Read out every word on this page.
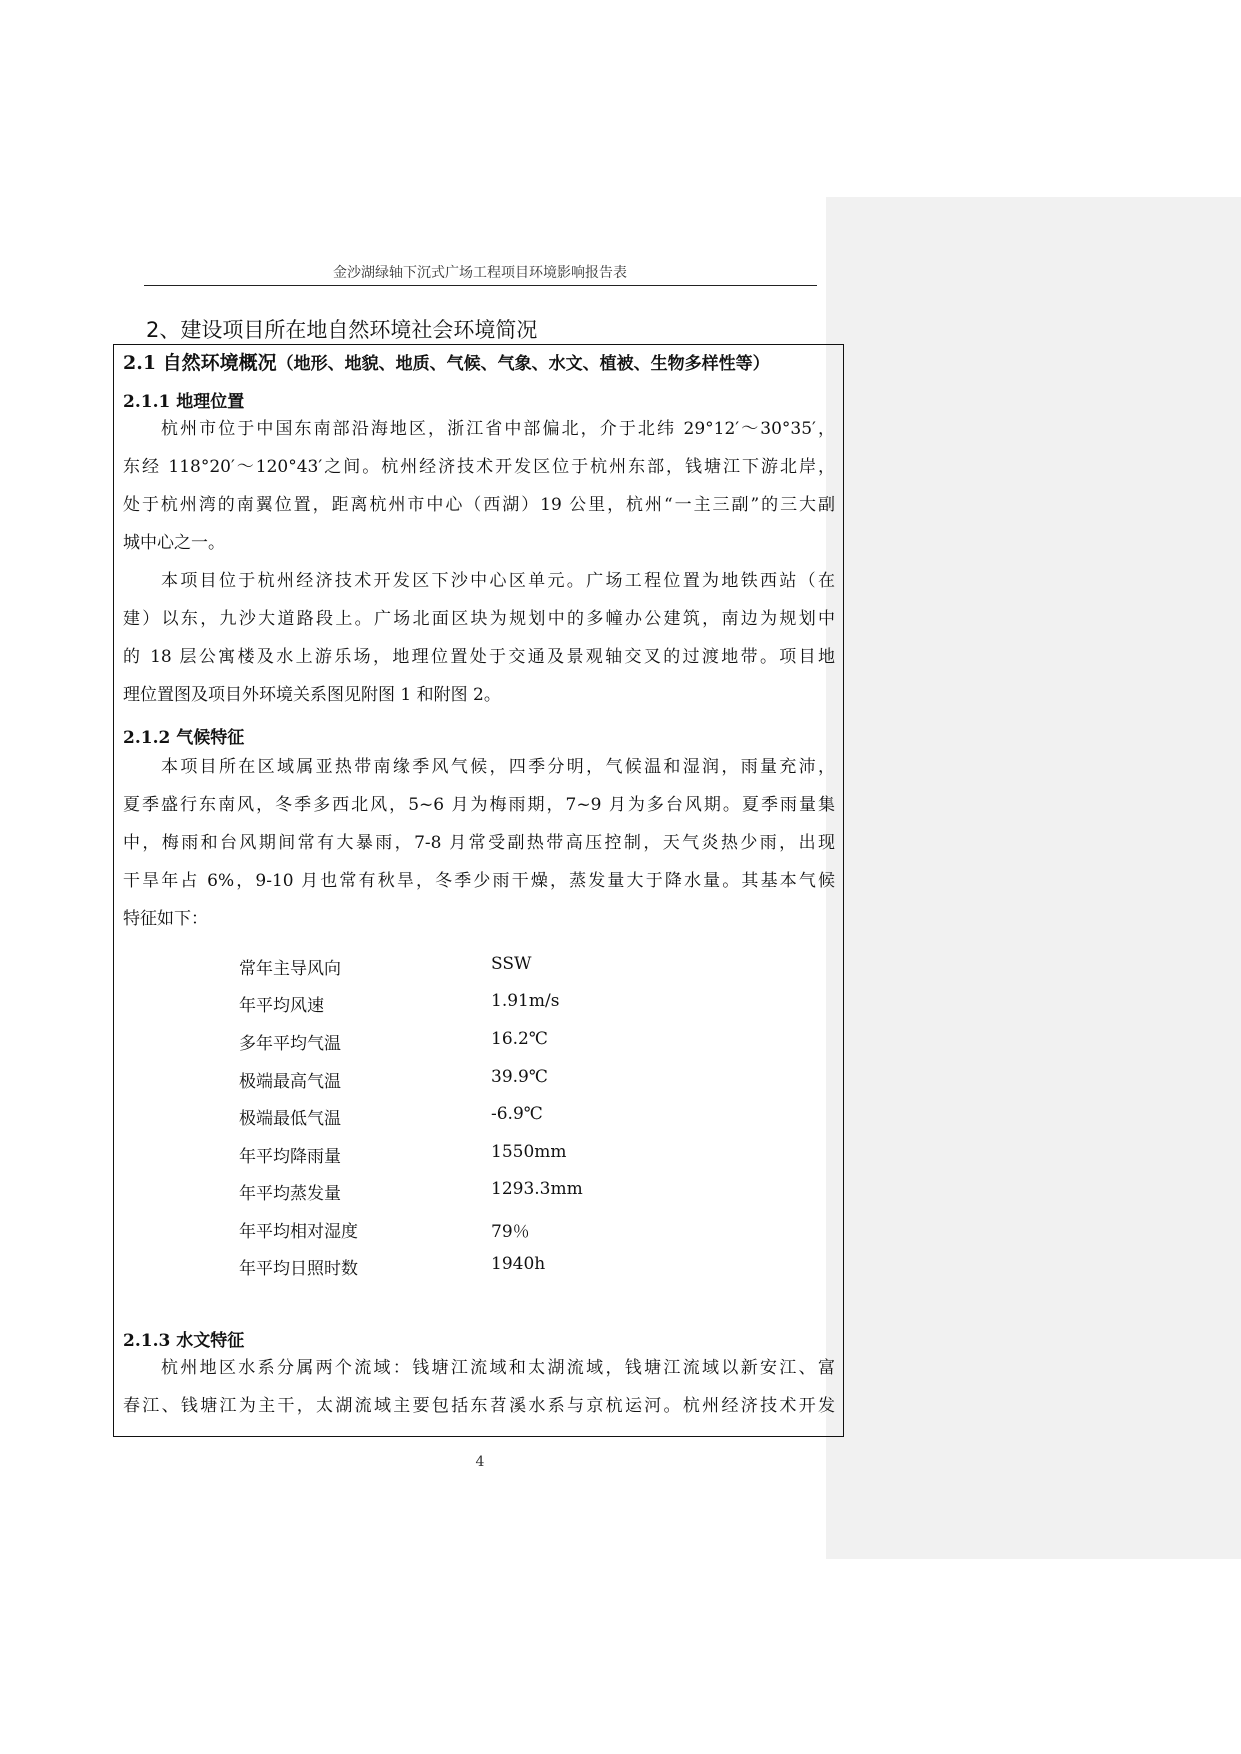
金沙湖绿轴下沉式广场工程项目环境影响报告表
2、建设项目所在地自然环境社会环境简况
2.1 自然环境概况（地形、地貌、地质、气候、气象、水文、植被、生物多样性等）
2.1.1 地理位置
杭州市位于中国东南部沿海地区，浙江省中部偏北，介于北纬 29°12′～30°35′，
东经 118°20′～120°43′之间。杭州经济技术开发区位于杭州东部，钱塘江下游北岸，
处于杭州湾的南翼位置，距离杭州市中心（西湖）19 公里，杭州“一主三副”的三大副
城中心之一。
本项目位于杭州经济技术开发区下沙中心区单元。广场工程位置为地铁西站（在
建）以东，九沙大道路段上。广场北面区块为规划中的多幢办公建筑，南边为规划中
的 18 层公寓楼及水上游乐场，地理位置处于交通及景观轴交叉的过渡地带。项目地
理位置图及项目外环境关系图见附图 1 和附图 2。
2.1.2 气候特征
本项目所在区域属亚热带南缘季风气候，四季分明，气候温和湿润，雨量充沛，
夏季盛行东南风，冬季多西北风，5~6 月为梅雨期，7~9 月为多台风期。夏季雨量集
中，梅雨和台风期间常有大暴雨，7-8 月常受副热带高压控制，天气炎热少雨，出现
干旱年占 6%，9-10 月也常有秋旱，冬季少雨干燥，蒸发量大于降水量。其基本气候
特征如下：
常年主导风向	SSW
年平均风速	1.91m/s
多年平均气温	16.2℃
极端最高气温	39.9℃
极端最低气温	-6.9℃
年平均降雨量	1550mm
年平均蒸发量	1293.3mm
年平均相对湿度	79％
年平均日照时数	1940h
2.1.3 水文特征
杭州地区水系分属两个流域：钱塘江流域和太湖流域，钱塘江流域以新安江、富
春江、钱塘江为主干，太湖流域主要包括东苕溪水系与京杭运河。杭州经济技术开发
4
